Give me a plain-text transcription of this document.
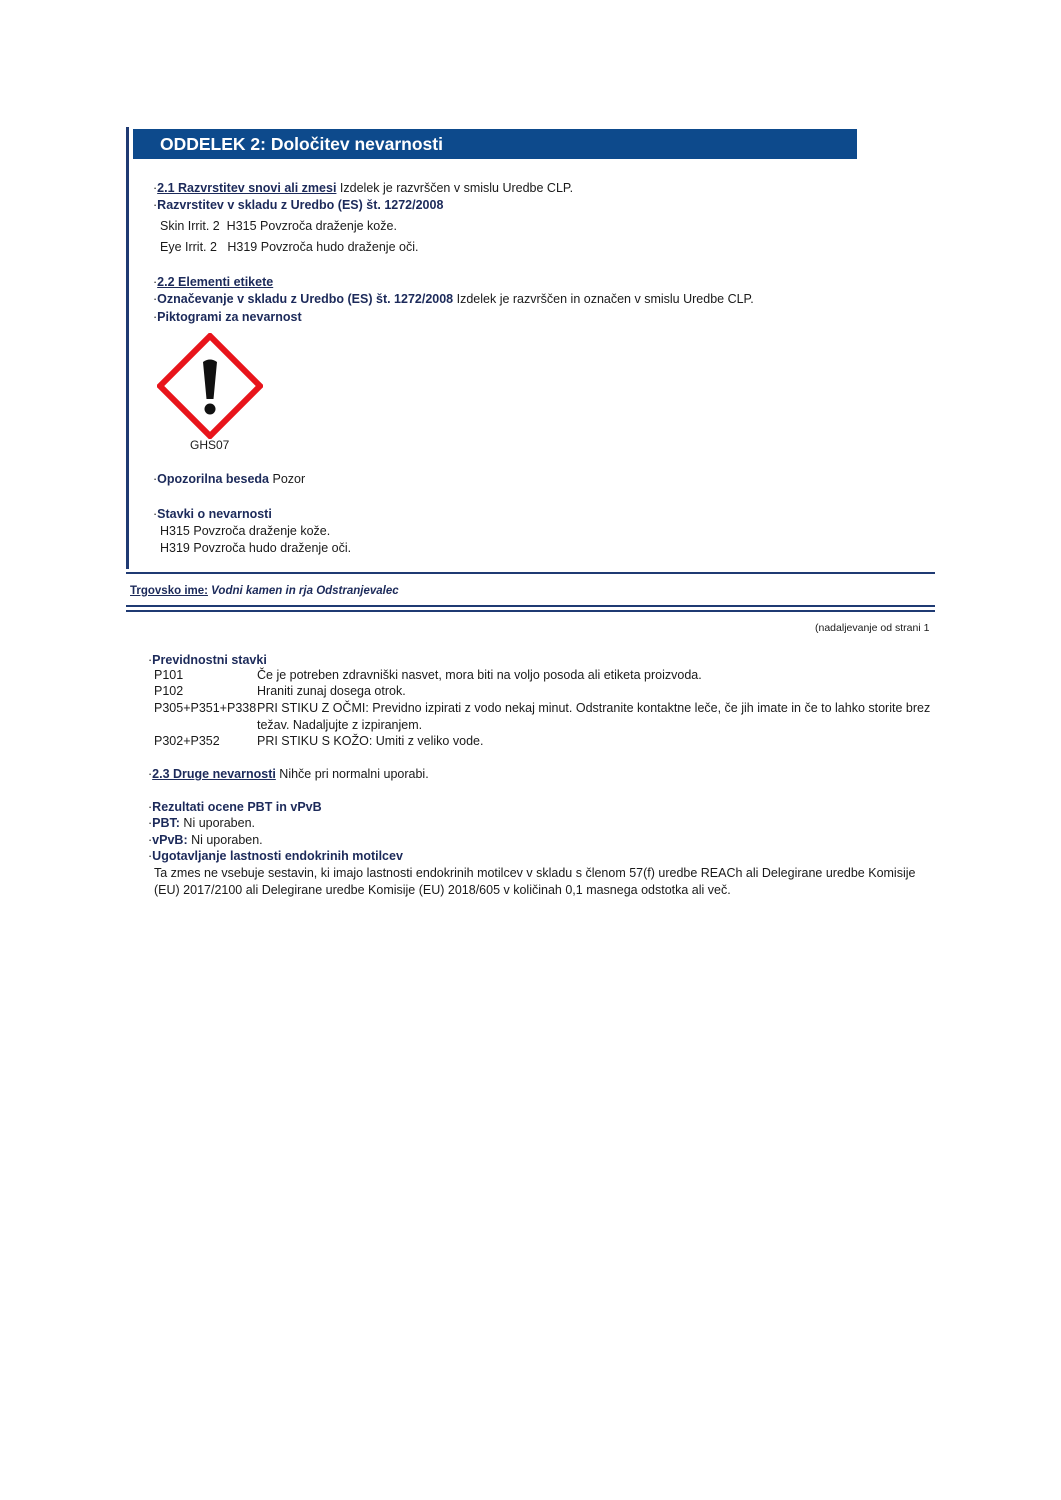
ODDELEK 2: Določitev nevarnosti
·2.1 Razvrstitev snovi ali zmesi Izdelek je razvrščen v smislu Uredbe CLP.
·Razvrstitev v skladu z Uredbo (ES) št. 1272/2008
Skin Irrit. 2  H315 Povzroča draženje kože.
Eye Irrit. 2   H319 Povzroča hudo draženje oči.
·2.2 Elementi etikete
·Označevanje v skladu z Uredbo (ES) št. 1272/2008 Izdelek je razvrščen in označen v smislu Uredbe CLP.
·Piktogrami za nevarnost
GHS07
·Opozorilna beseda Pozor
·Stavki o nevarnosti
H315 Povzroča draženje kože.
H319 Povzroča hudo draženje oči.
Trgovsko ime: Vodni kamen in rja Odstranjevalec
(nadaljevanje od strani 1
·Previdnostni stavki
P101	Če je potreben zdravniški nasvet, mora biti na voljo posoda ali etiketa proizvoda.
P102	Hraniti zunaj dosega otrok.
P305+P351+P338 PRI STIKU Z OČMI: Previdno izpirati z vodo nekaj minut. Odstranite kontaktne leče, če jih imate in če to lahko storite brez težav. Nadaljujte z izpiranjem.
P302+P352	PRI STIKU S KOŽO: Umiti z veliko vode.
·2.3 Druge nevarnosti Nihče pri normalni uporabi.
·Rezultati ocene PBT in vPvB
·PBT: Ni uporaben.
·vPvB: Ni uporaben.
·Ugotavljanje lastnosti endokrinih motilcev
Ta zmes ne vsebuje sestavin, ki imajo lastnosti endokrinih motilcev v skladu s členom 57(f) uredbe REACh ali Delegirane uredbe Komisije (EU) 2017/2100 ali Delegirane uredbe Komisije (EU) 2018/605 v količinah 0,1 masnega odstotka ali več.
